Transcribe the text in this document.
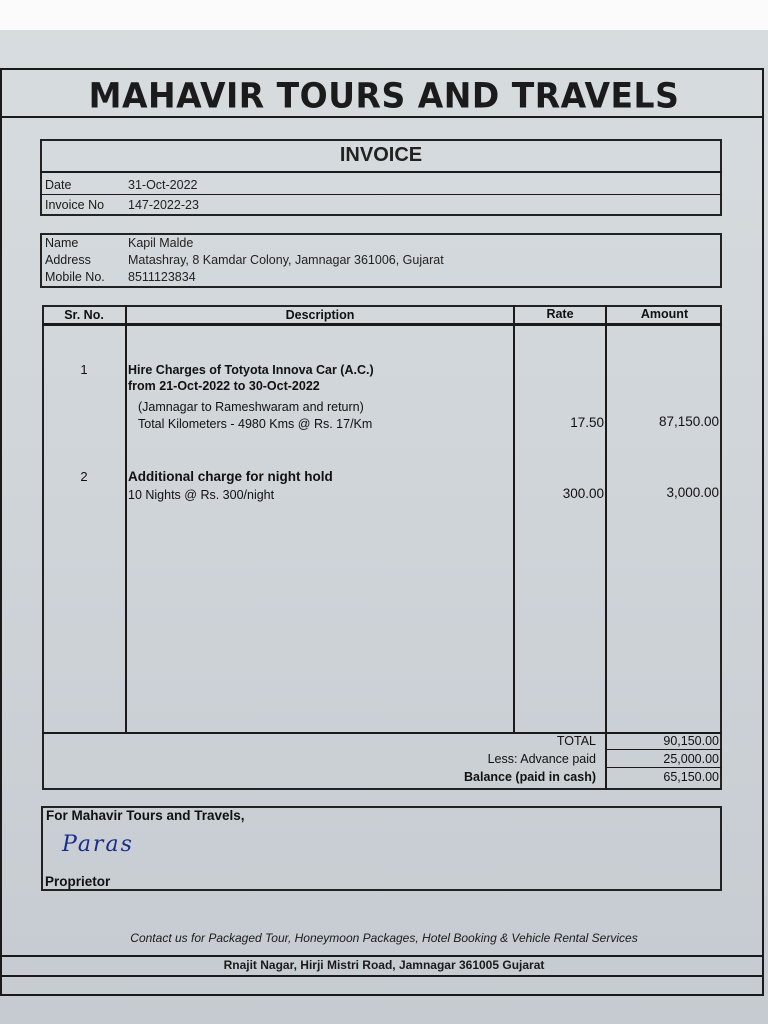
MAHAVIR TOURS AND TRAVELS
INVOICE
Date	31-Oct-2022
Invoice No 147-2022-23
Name	Kapil Malde
Address	Matashray, 8 Kamdar Colony, Jamnagar 361006, Gujarat
Mobile No. 8511123834
Sr. No.	Description	Rate	Amount
1	Hire Charges of Totyota Innova Car (A.C.)
from 21-Oct-2022 to 30-Oct-2022
(Jamnagar to Rameshwaram and return)
Total Kilometers - 4980 Kms @ Rs. 17/Km	17.50	87,150.00
2	Additional charge for night hold
10 Nights @ Rs. 300/night	300.00	3,000.00
TOTAL	90,150.00
Less: Advance paid	25,000.00
Balance (paid in cash)	65,150.00
For Mahavir Tours and Travels,
Paras
Proprietor
Contact us for Packaged Tour, Honeymoon Packages, Hotel Booking & Vehicle Rental Services
Rnajit Nagar, Hirji Mistri Road, Jamnagar 361005 Gujarat
